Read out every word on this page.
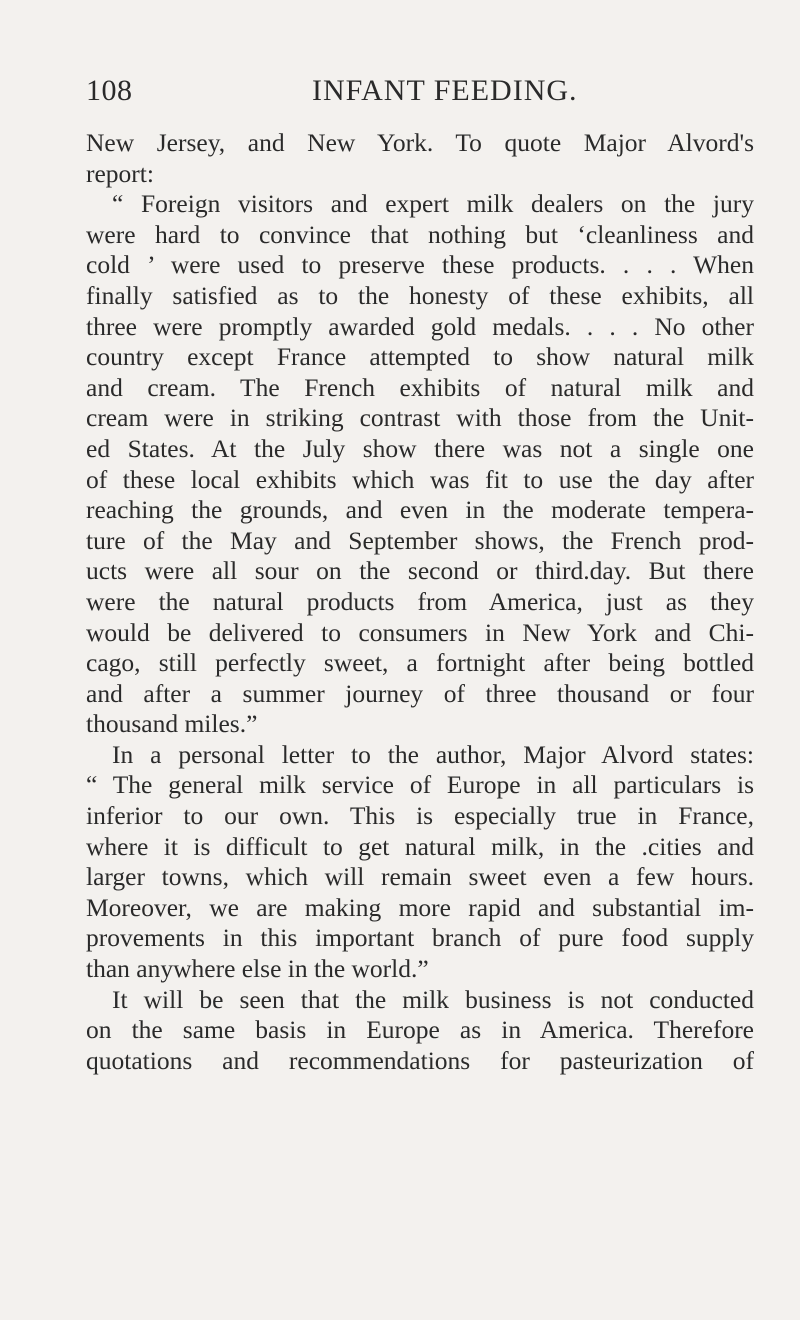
108	INFANT FEEDING.
New Jersey, and New York. To quote Major Alvord's
report:
“ Foreign visitors and expert milk dealers on the jury
were hard to convince that nothing but ‘cleanliness and
cold ’ were used to preserve these products. . . . When
finally satisfied as to the honesty of these exhibits, all
three were promptly awarded gold medals. . . . No other
country except France attempted to show natural milk
and cream. The French exhibits of natural milk and
cream were in striking contrast with those from the Unit-
ed States. At the July show there was not a single one
of these local exhibits which was fit to use the day after
reaching the grounds, and even in the moderate tempera-
ture of the May and September shows, the French prod-
ucts were all sour on the second or third.day. But there
were the natural products from America, just as they
would be delivered to consumers in New York and Chi-
cago, still perfectly sweet, a fortnight after being bottled
and after a summer journey of three thousand or four
thousand miles.”
In a personal letter to the author, Major Alvord states:
“ The general milk service of Europe in all particulars is
inferior to our own. This is especially true in France,
where it is difficult to get natural milk, in the .cities and
larger towns, which will remain sweet even a few hours.
Moreover, we are making more rapid and substantial im-
provements in this important branch of pure food supply
than anywhere else in the world.”
It will be seen that the milk business is not conducted
on the same basis in Europe as in America. Therefore
quotations and recommendations for pasteurization of
